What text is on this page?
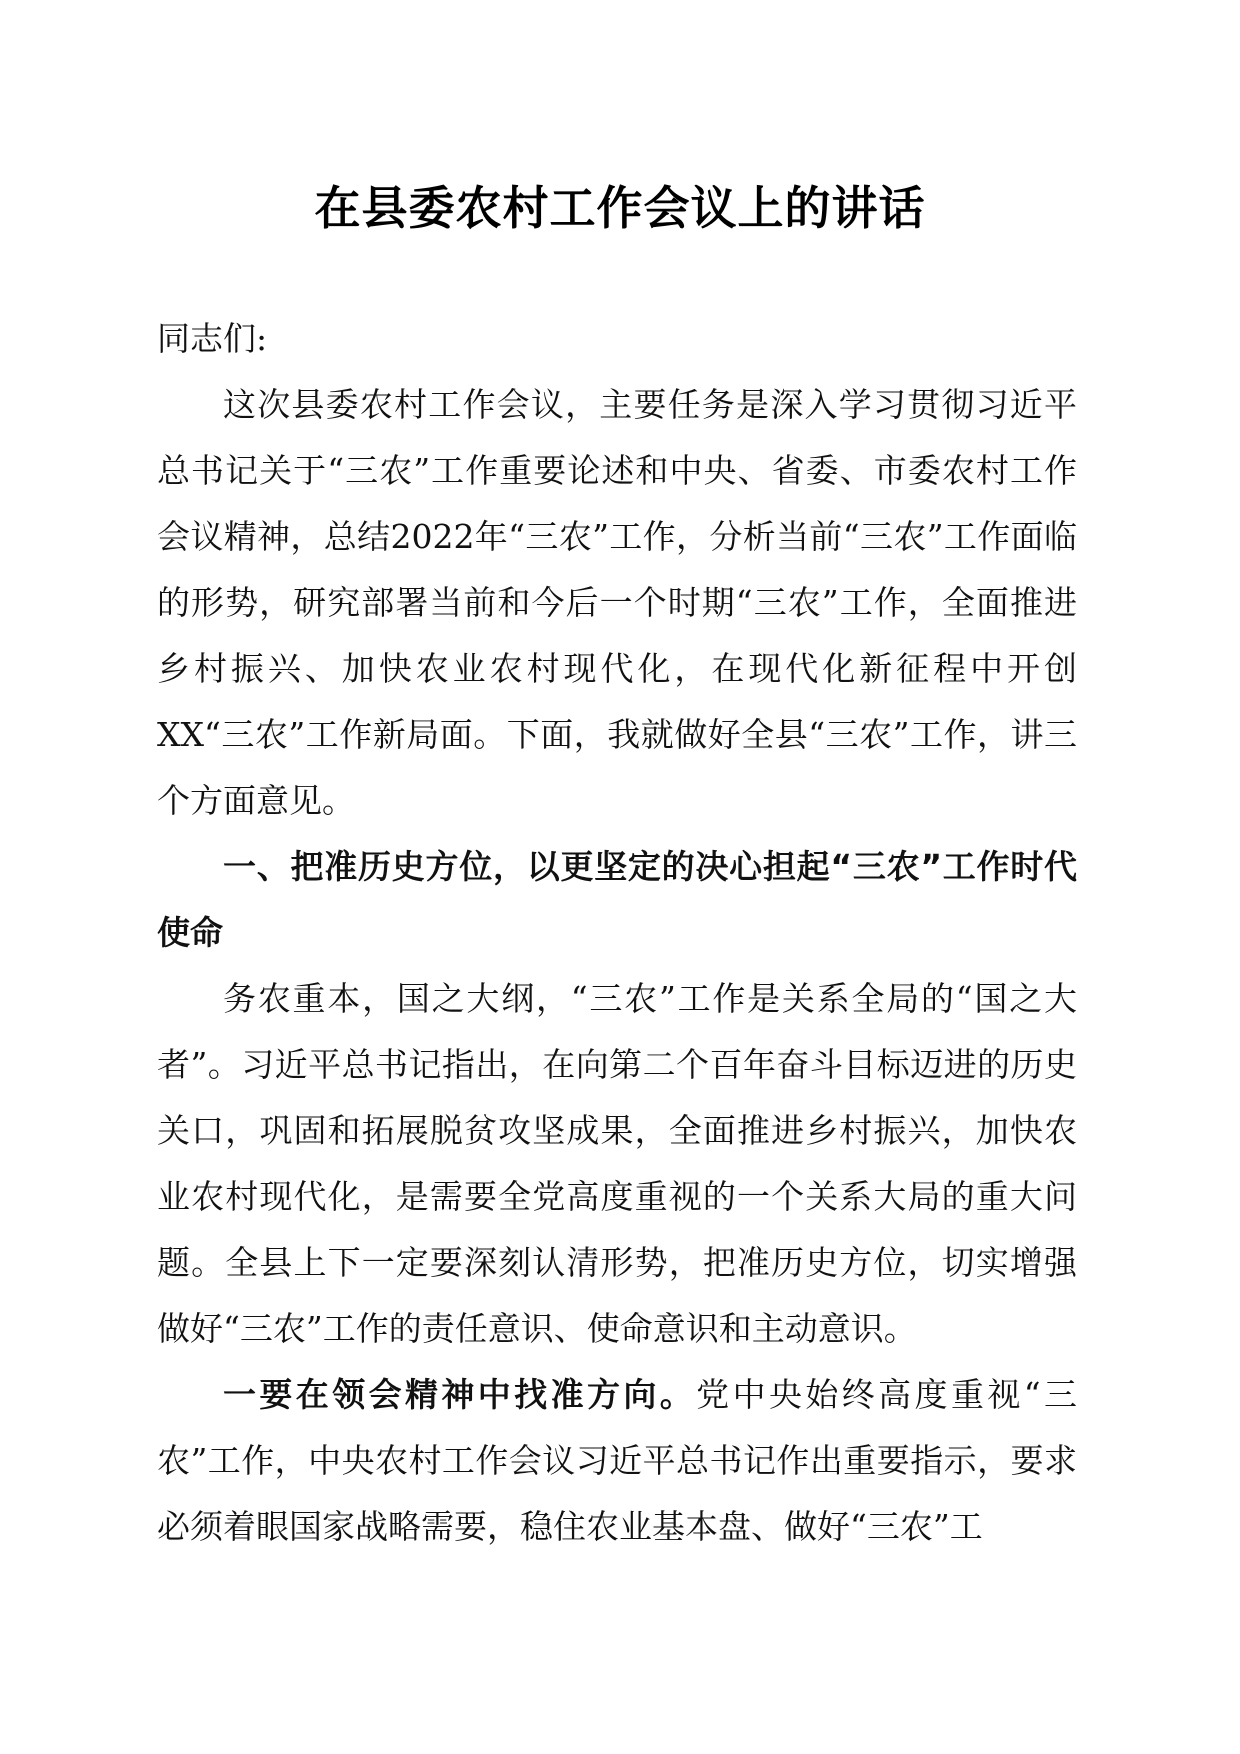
在县委农村工作会议上的讲话

同志们:

这次县委农村工作会议，主要任务是深入学习贯彻习近平总书记关于“三农”工作重要论述和中央、省委、市委农村工作会议精神，总结2022年“三农”工作，分析当前“三农”工作面临的形势，研究部署当前和今后一个时期“三农”工作，全面推进乡村振兴、加快农业农村现代化，在现代化新征程中开创XX“三农”工作新局面。下面，我就做好全县“三农”工作，讲三个方面意见。

一、把准历史方位，以更坚定的决心担起“三农”工作时代使命

务农重本，国之大纲，“三农”工作是关系全局的“国之大者”。习近平总书记指出，在向第二个百年奋斗目标迈进的历史关口，巩固和拓展脱贫攻坚成果，全面推进乡村振兴，加快农业农村现代化，是需要全党高度重视的一个关系大局的重大问题。全县上下一定要深刻认清形势，把准历史方位，切实增强做好“三农”工作的责任意识、使命意识和主动意识。

一要在领会精神中找准方向。党中央始终高度重视“三农”工作，中央农村工作会议习近平总书记作出重要指示，要求必须着眼国家战略需要，稳住农业基本盘、做好“三农”工
